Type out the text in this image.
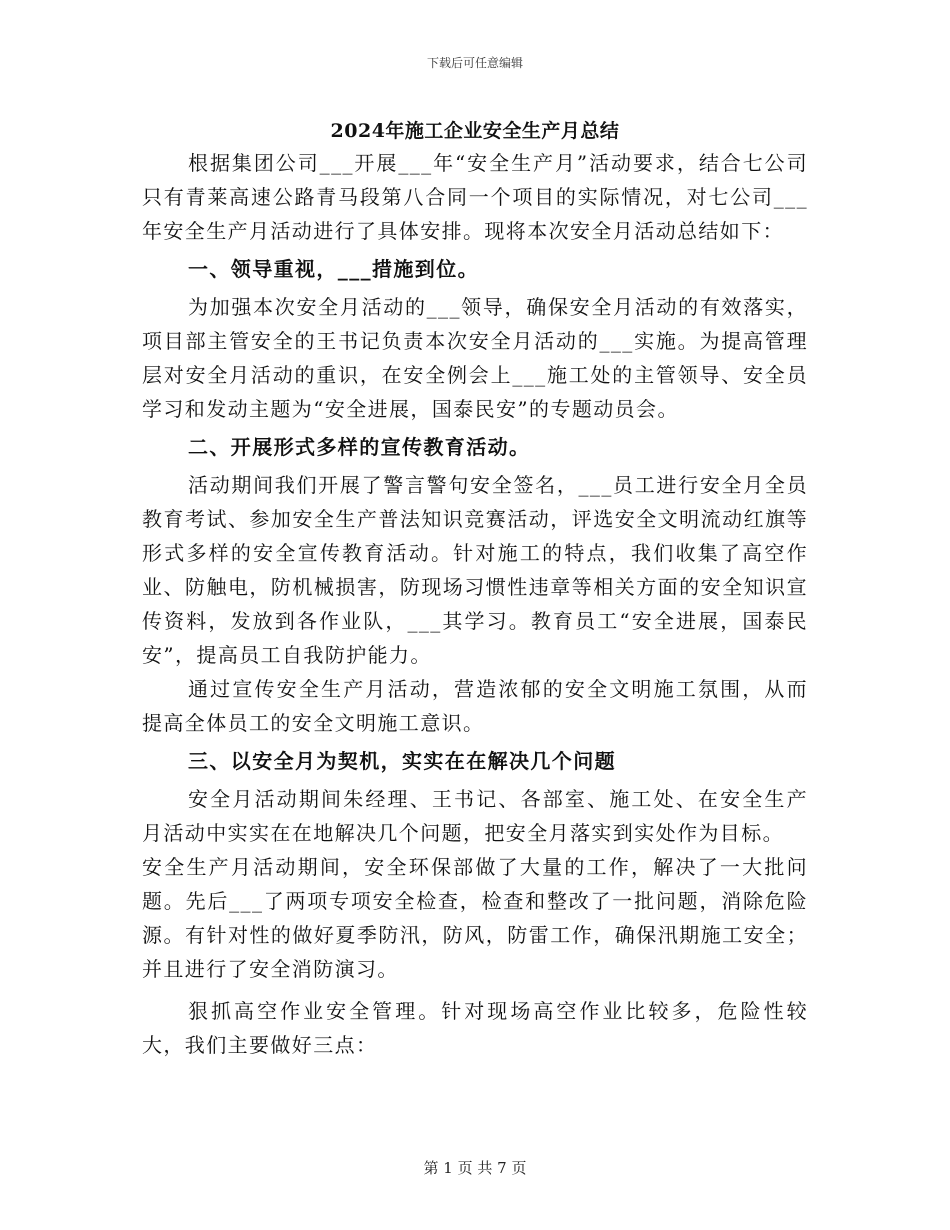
下载后可任意编辑
2024年施工企业安全生产月总结

根据集团公司___开展___年“安全生产月”活动要求，结合七公司只有青莱高速公路青马段第八合同一个项目的实际情况，对七公司___年安全生产月活动进行了具体安排。现将本次安全月活动总结如下：

一、领导重视，___措施到位。

为加强本次安全月活动的___领导，确保安全月活动的有效落实，项目部主管安全的王书记负责本次安全月活动的___实施。为提高管理层对安全月活动的重识，在安全例会上___施工处的主管领导、安全员学习和发动主题为“安全进展，国泰民安”的专题动员会。

二、开展形式多样的宣传教育活动。

活动期间我们开展了警言警句安全签名，___员工进行安全月全员教育考试、参加安全生产普法知识竞赛活动，评选安全文明流动红旗等形式多样的安全宣传教育活动。针对施工的特点，我们收集了高空作业、防触电，防机械损害，防现场习惯性违章等相关方面的安全知识宣传资料，发放到各作业队，___其学习。教育员工“安全进展，国泰民安”，提高员工自我防护能力。

通过宣传安全生产月活动，营造浓郁的安全文明施工氛围，从而提高全体员工的安全文明施工意识。

三、以安全月为契机，实实在在解决几个问题

安全月活动期间朱经理、王书记、各部室、施工处、在安全生产月活动中实实在在地解决几个问题，把安全月落实到实处作为目标。

安全生产月活动期间，安全环保部做了大量的工作，解决了一大批问题。先后___了两项专项安全检查，检查和整改了一批问题，消除危险源。有针对性的做好夏季防汛，防风，防雷工作，确保汛期施工安全；并且进行了安全消防演习。

狠抓高空作业安全管理。针对现场高空作业比较多，危险性较大，我们主要做好三点：

第 1 页 共 7 页
